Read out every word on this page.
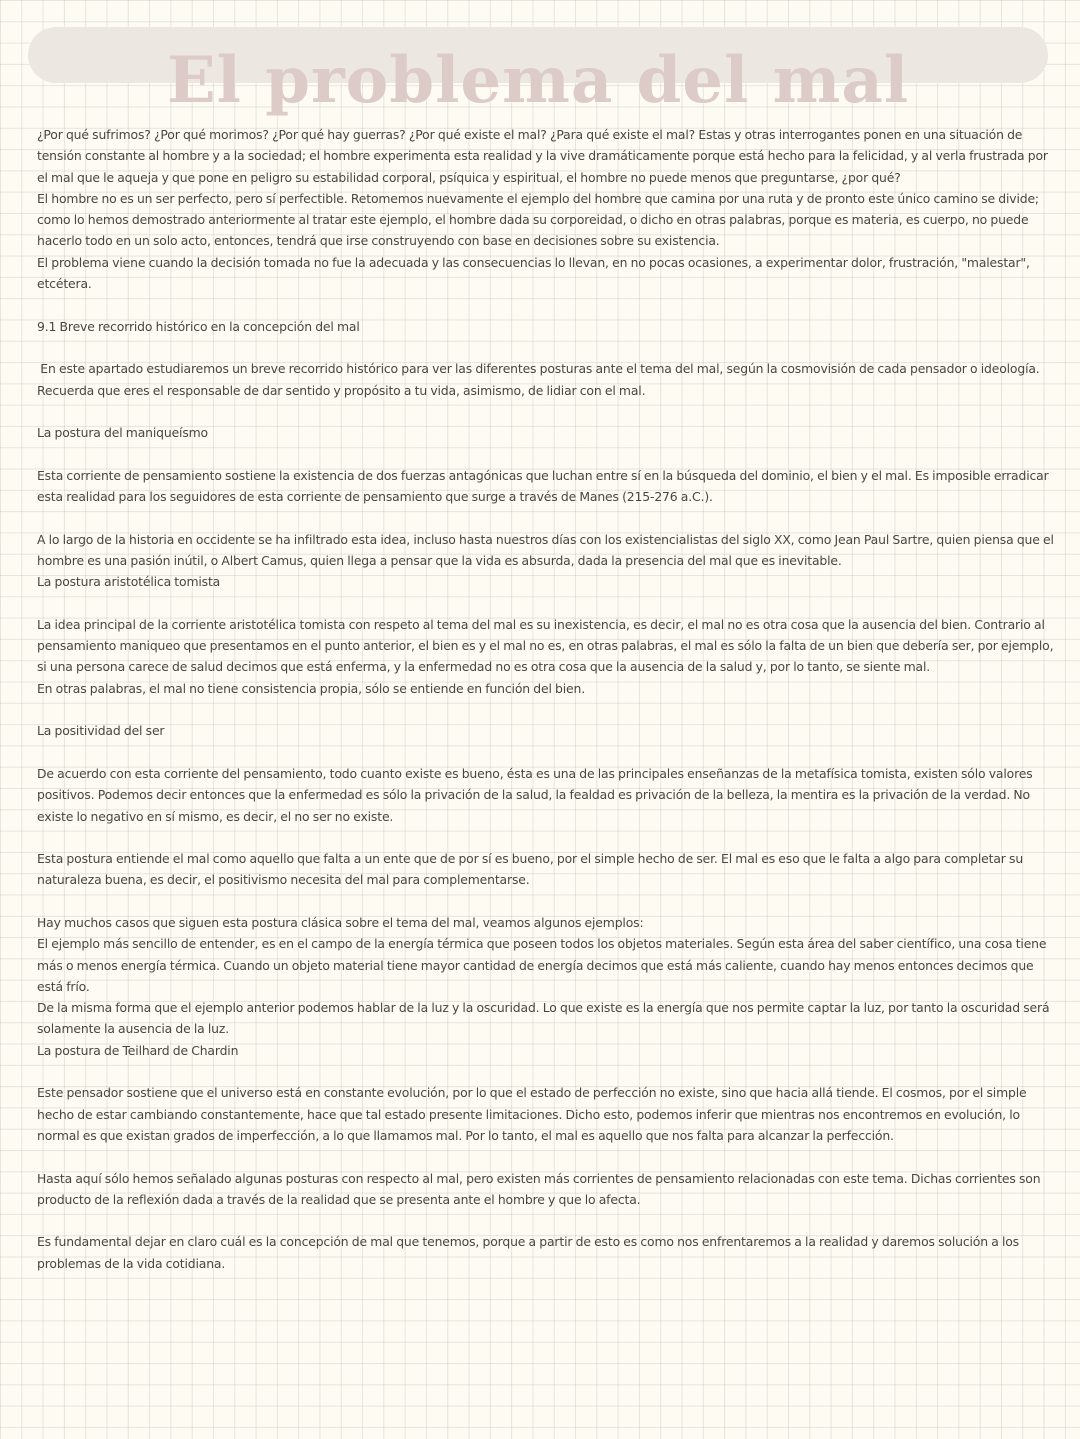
El problema del mal

¿Por qué sufrimos? ¿Por qué morimos? ¿Por qué hay guerras? ¿Por qué existe el mal? ¿Para qué existe el mal? Estas y otras interrogantes ponen en una situación de tensión constante al hombre y a la sociedad; el hombre experimenta esta realidad y la vive dramáticamente porque está hecho para la felicidad, y al verla frustrada por el mal que le aqueja y que pone en peligro su estabilidad corporal, psíquica y espiritual, el hombre no puede menos que preguntarse, ¿por qué?

El hombre no es un ser perfecto, pero sí perfectible. Retomemos nuevamente el ejemplo del hombre que camina por una ruta y de pronto este único camino se divide; como lo hemos demostrado anteriormente al tratar este ejemplo, el hombre dada su corporeidad, o dicho en otras palabras, porque es materia, es cuerpo, no puede hacerlo todo en un solo acto, entonces, tendrá que irse construyendo con base en decisiones sobre su existencia.

El problema viene cuando la decisión tomada no fue la adecuada y las consecuencias lo llevan, en no pocas ocasiones, a experimentar dolor, frustración, "malestar", etcétera.

9.1 Breve recorrido histórico en la concepción del mal

En este apartado estudiaremos un breve recorrido histórico para ver las diferentes posturas ante el tema del mal, según la cosmovisión de cada pensador o ideología. Recuerda que eres el responsable de dar sentido y propósito a tu vida, asimismo, de lidiar con el mal.

La postura del maniqueísmo

Esta corriente de pensamiento sostiene la existencia de dos fuerzas antagónicas que luchan entre sí en la búsqueda del dominio, el bien y el mal. Es imposible erradicar esta realidad para los seguidores de esta corriente de pensamiento que surge a través de Manes (215-276 a.C.).

A lo largo de la historia en occidente se ha infiltrado esta idea, incluso hasta nuestros días con los existencialistas del siglo XX, como Jean Paul Sartre, quien piensa que el hombre es una pasión inútil, o Albert Camus, quien llega a pensar que la vida es absurda, dada la presencia del mal que es inevitable.

La postura aristotélica tomista

La idea principal de la corriente aristotélica tomista con respeto al tema del mal es su inexistencia, es decir, el mal no es otra cosa que la ausencia del bien. Contrario al pensamiento maniqueo que presentamos en el punto anterior, el bien es y el mal no es, en otras palabras, el mal es sólo la falta de un bien que debería ser, por ejemplo, si una persona carece de salud decimos que está enferma, y la enfermedad no es otra cosa que la ausencia de la salud y, por lo tanto, se siente mal.

En otras palabras, el mal no tiene consistencia propia, sólo se entiende en función del bien.

La positividad del ser

De acuerdo con esta corriente del pensamiento, todo cuanto existe es bueno, ésta es una de las principales enseñanzas de la metafísica tomista, existen sólo valores positivos. Podemos decir entonces que la enfermedad es sólo la privación de la salud, la fealdad es privación de la belleza, la mentira es la privación de la verdad. No existe lo negativo en sí mismo, es decir, el no ser no existe.

Esta postura entiende el mal como aquello que falta a un ente que de por sí es bueno, por el simple hecho de ser. El mal es eso que le falta a algo para completar su naturaleza buena, es decir, el positivismo necesita del mal para complementarse.

Hay muchos casos que siguen esta postura clásica sobre el tema del mal, veamos algunos ejemplos:

El ejemplo más sencillo de entender, es en el campo de la energía térmica que poseen todos los objetos materiales. Según esta área del saber científico, una cosa tiene más o menos energía térmica. Cuando un objeto material tiene mayor cantidad de energía decimos que está más caliente, cuando hay menos entonces decimos que está frío.

De la misma forma que el ejemplo anterior podemos hablar de la luz y la oscuridad. Lo que existe es la energía que nos permite captar la luz, por tanto la oscuridad será solamente la ausencia de la luz.

La postura de Teilhard de Chardin

Este pensador sostiene que el universo está en constante evolución, por lo que el estado de perfección no existe, sino que hacia allá tiende. El cosmos, por el simple hecho de estar cambiando constantemente, hace que tal estado presente limitaciones. Dicho esto, podemos inferir que mientras nos encontremos en evolución, lo normal es que existan grados de imperfección, a lo que llamamos mal. Por lo tanto, el mal es aquello que nos falta para alcanzar la perfección.

Hasta aquí sólo hemos señalado algunas posturas con respecto al mal, pero existen más corrientes de pensamiento relacionadas con este tema. Dichas corrientes son producto de la reflexión dada a través de la realidad que se presenta ante el hombre y que lo afecta.

Es fundamental dejar en claro cuál es la concepción de mal que tenemos, porque a partir de esto es como nos enfrentaremos a la realidad y daremos solución a los problemas de la vida cotidiana.
